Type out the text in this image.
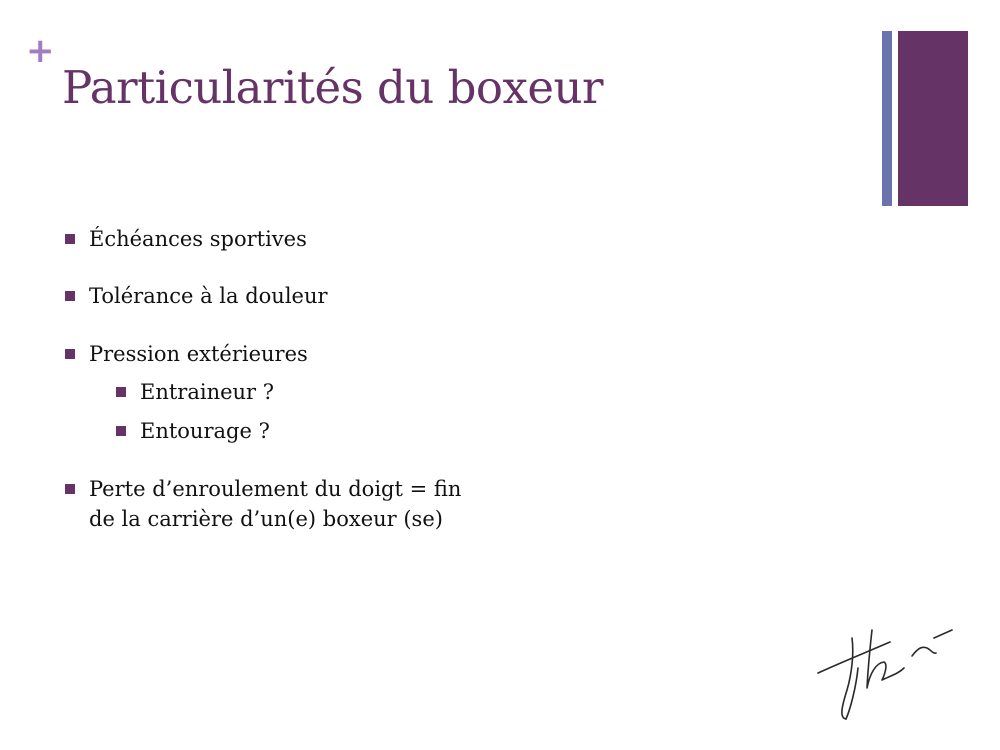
+
Particularités du boxeur
Échéances sportives
Tolérance à la douleur
Pression extérieures
Entraineur ?
Entourage ?
Perte d’enroulement du doigt = fin
de la carrière d’un(e) boxeur (se)
